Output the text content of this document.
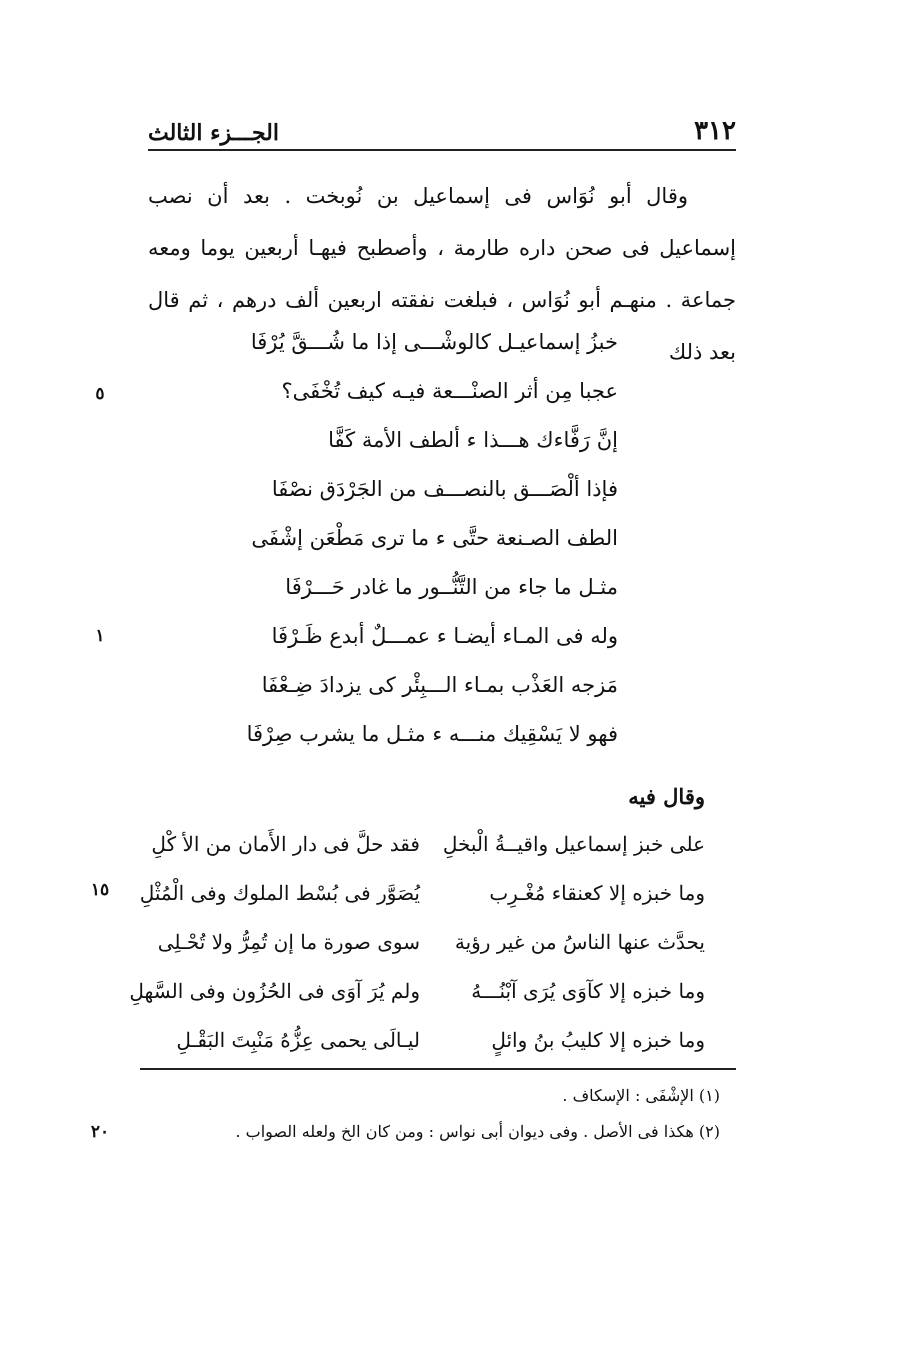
٣١٢
الجـــزء الثالث

وقال أبو نُوَاس فى إسماعيل بن نُوبخت . بعد أن نصب إسماعيل فى صحن داره طارمة ، وأصطبح فيهـا أربعين يوما ومعه جماعة . منهـم أبو نُوَاس ، فبلغت نفقته اربعين ألف درهم ، ثم قال بعد ذلك

خبزُ إسماعيـل كالوشْـــى إذا ما شُـــقَّ يُرْفَا
عجبا مِن أثر الصنْـــعة فيـه كيف تُخْفَى؟
إنَّ رَفَّاءك هـــذا ء ألطف الأمة كَفَّا
فإذا ألْصَـــق بالنصـــف من الجَرْدَق نصْفَا
الطف الصـنعة حتَّى ء ما ترى مَطْعَن إشْفَى
مثـل ما جاء من التَّنُّــور ما غادر حَـــرْفَا
وله فى المـاء أيضـا ء عمـــلٌ أبدع ظَـرْفَا
مَزجه العَذْب بمـاء الـــبِئْر كى يزدادَ ضِـعْفَا
فهو لا يَسْقِيك منـــه ء مثـل ما يشرب صِرْفَا
وقال فيه
على خبز إسماعيل واقيــةُ الْبخلِ
فقد حلَّ فى دار الأَمان من الأ كْلِ
وما خبزه إلا كعنقاء مُغْـرِب
يُصَوَّر فى بُسْط الملوك وفى الْمُثْلِ
يحدَّث عنها الناسُ من غير رؤية
سوى صورة ما إن تُمِرُّ ولا تُحْـلِى
وما خبزه إلا كآوَى يُرَى آبْنُـــهُ
ولم يُرَ آوَى فى الحُزُون وفى السَّهلِ
وما خبزه إلا كليبُ بنُ وائلٍ
ليـالَى يحمى عِزُّهُ مَنْبِتَ البَقْـلِ
(١) الإشْفَى : الإسكاف .
(٢) هكذا فى الأصل . وفى ديوان أبى نواس : ومن كان الخ ولعله الصواب .
٥
١
١٥
٢٠
